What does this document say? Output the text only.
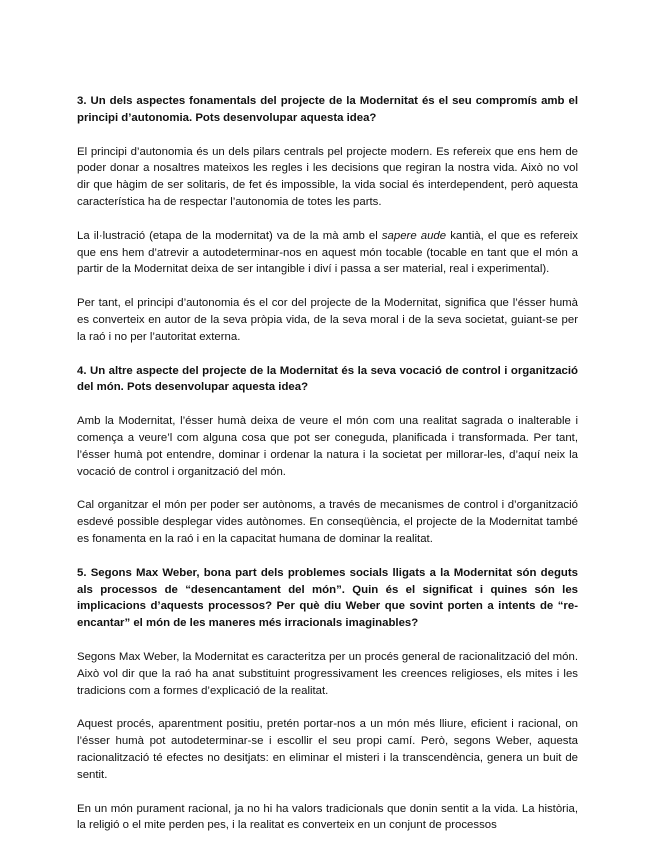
3. Un dels aspectes fonamentals del projecte de la Modernitat és el seu compromís amb el principi d’autonomia. Pots desenvolupar aquesta idea?

El principi d’autonomia és un dels pilars centrals pel projecte modern. Es refereix que ens hem de poder donar a nosaltres mateixos les regles i les decisions que regiran la nostra vida. Això no vol dir que hàgim de ser solitaris, de fet és impossible, la vida social és interdependent, però aquesta característica ha de respectar l’autonomia de totes les parts.

La il·lustració (etapa de la modernitat) va de la mà amb el sapere aude kantià, el que es refereix que ens hem d’atrevir a autodeterminar-nos en aquest món tocable (tocable en tant que el món a partir de la Modernitat deixa de ser intangible i diví i passa a ser material, real i experimental).

Per tant, el principi d’autonomia és el cor del projecte de la Modernitat, significa que l’ésser humà es converteix en autor de la seva pròpia vida, de la seva moral i de la seva societat, guiant-se per la raó i no per l’autoritat externa.

4. Un altre aspecte del projecte de la Modernitat és la seva vocació de control i organització del món. Pots desenvolupar aquesta idea?

Amb la Modernitat, l’ésser humà deixa de veure el món com una realitat sagrada o inalterable i comença a veure’l com alguna cosa que pot ser coneguda, planificada i transformada. Per tant, l’ésser humà pot entendre, dominar i ordenar la natura i la societat per millorar-les, d’aquí neix la vocació de control i organització del món.

Cal organitzar el món per poder ser autònoms, a través de mecanismes de control i d’organització esdevé possible desplegar vides autònomes. En conseqüència, el projecte de la Modernitat també es fonamenta en la raó i en la capacitat humana de dominar la realitat.

5. Segons Max Weber, bona part dels problemes socials lligats a la Modernitat són deguts als processos de “desencantament del món”. Quin és el significat i quines són les implicacions d’aquests processos? Per què diu Weber que sovint porten a intents de “re-encantar” el món de les maneres més irracionals imaginables?

Segons Max Weber, la Modernitat es caracteritza per un procés general de racionalització del món. Això vol dir que la raó ha anat substituint progressivament les creences religioses, els mites i les tradicions com a formes d’explicació de la realitat.

Aquest procés, aparentment positiu, pretén portar-nos a un món més lliure, eficient i racional, on l’ésser humà pot autodeterminar-se i escollir el seu propi camí. Però, segons Weber, aquesta racionalització té efectes no desitjats: en eliminar el misteri i la transcendència, genera un buit de sentit.

En un món purament racional, ja no hi ha valors tradicionals que donin sentit a la vida. La història, la religió o el mite perden pes, i la realitat es converteix en un conjunt de processos
